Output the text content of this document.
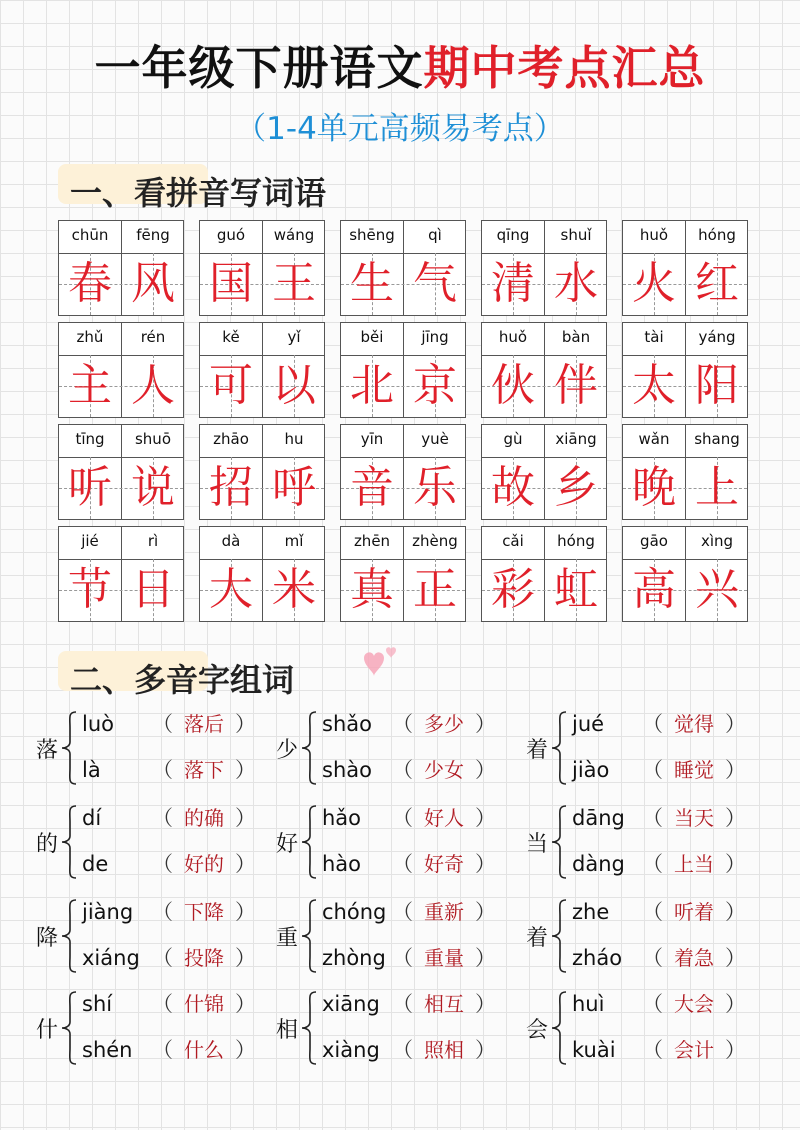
一年级下册语文期中考点汇总
（1-4单元高频易考点）
一、看拼音写词语
chūn
春
fēng
风
guó
国
wáng
王
shēng
生
qì
气
qīng
清
shuǐ
水
huǒ
火
hóng
红
zhǔ
主
rén
人
kě
可
yǐ
以
běi
北
jīng
京
huǒ
伙
bàn
伴
tài
太
yáng
阳
tīng
听
shuō
说
zhāo
招
hu
呼
yīn
音
yuè
乐
gù
故
xiāng
乡
wǎn
晚
shang
上
jié
节
rì
日
dà
大
mǐ
米
zhēn
真
zhèng
正
cǎi
彩
hóng
虹
gāo
高
xìng
兴
二、多音字组词
落
luò （ 落后 ）
là （ 落下 ）
少
shǎo （ 多少 ）
shào （ 少女 ）
着
jué （ 觉得 ）
jiào （ 睡觉 ）
的
dí （ 的确 ）
de （ 好的 ）
好
hǎo （ 好人 ）
hào （ 好奇 ）
当
dāng （ 当天 ）
dàng （ 上当 ）
降
jiàng （ 下降 ）
xiáng （ 投降 ）
重
chóng （ 重新 ）
zhòng （ 重量 ）
着
zhe （ 听着 ）
zháo （ 着急 ）
什
shí （ 什锦 ）
shén （ 什么 ）
相
xiāng （ 相互 ）
xiàng （ 照相 ）
会
huì （ 大会 ）
kuài （ 会计 ）
